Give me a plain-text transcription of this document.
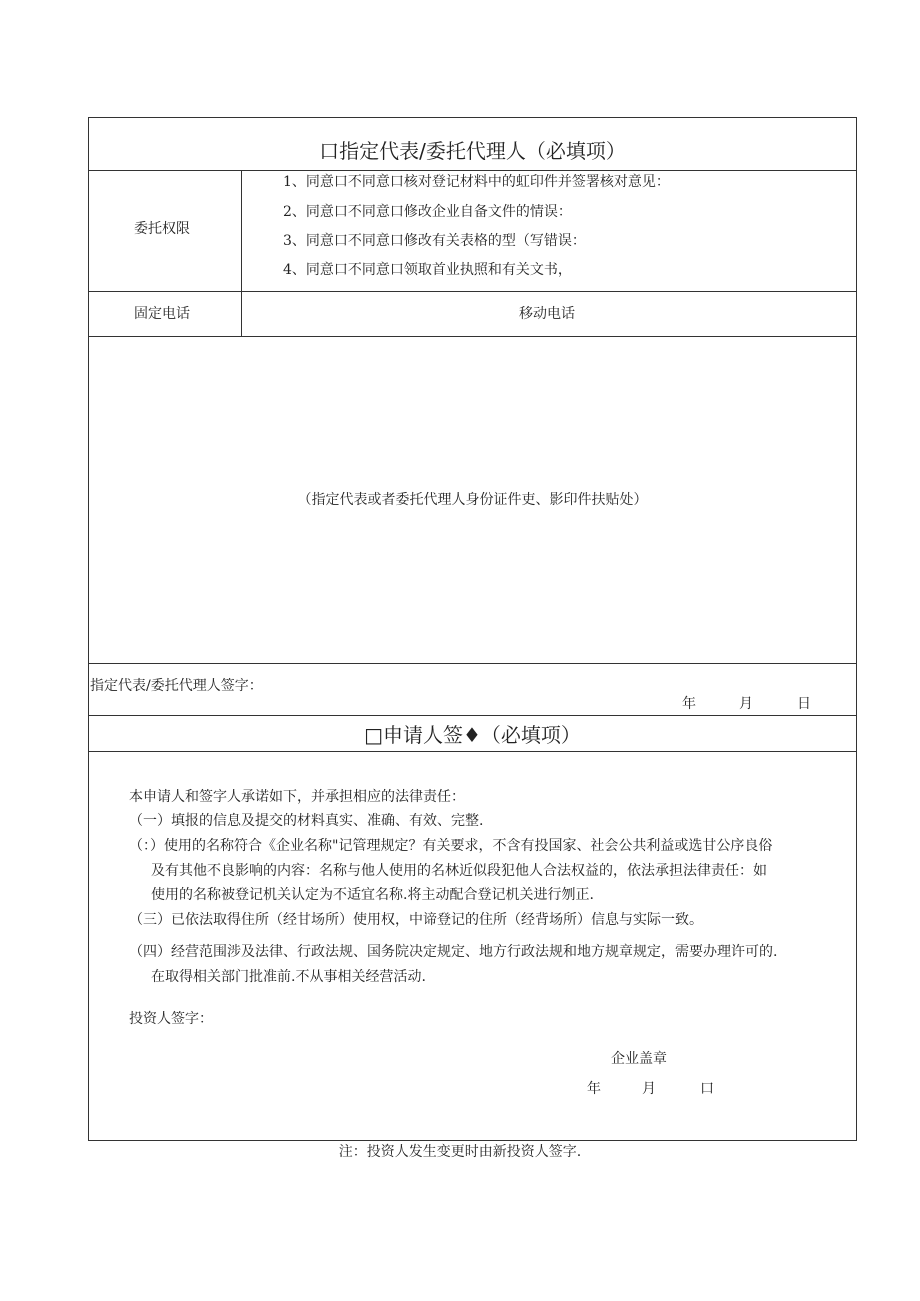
口指定代表/委托代理人（必填项）
委托权限
1、同意口不同意口核对登记材料中的虹印件并签署核对意见：
2、同意口不同意口修改企业自备文件的情误：
3、同意口不同意口修改有关表格的型（写错误：
4、同意口不同意口领取首业执照和有关文书，
固定电话	移动电话
（指定代表或者委托代理人身份证件吏、影印件扶贴处）
指定代表/委托代理人签字：
年	月	日
□申请人签♦（必填项）
本申请人和签字人承诺如下，并承担相应的法律责任：
（一）填报的信息及提交的材料真实、准确、有效、完整.
（：）使用的名称符合《企业名称"记管理规定？有关要求，不含有投国家、社会公共利益或选甘公序良俗
及有其他不良影响的内容：名称与他人使用的名林近似段犯他人合法权益的，依法承担法律责任：如
使用的名称被登记机关认定为不适宜名称.将主动配合登记机关进行刎正.
（三）已依法取得住所（经甘场所）使用权，中谛登记的住所（经背场所）信息与实际一致。
（四）经营范围涉及法律、行政法规、国务院决定规定、地方行政法规和地方规章规定，需要办理许可的.
在取得相关部门批准前.不从事相关经营活动.
投资人签字：
企业盖章
年	月	口
注：投资人发生变更时由新投资人签字.
